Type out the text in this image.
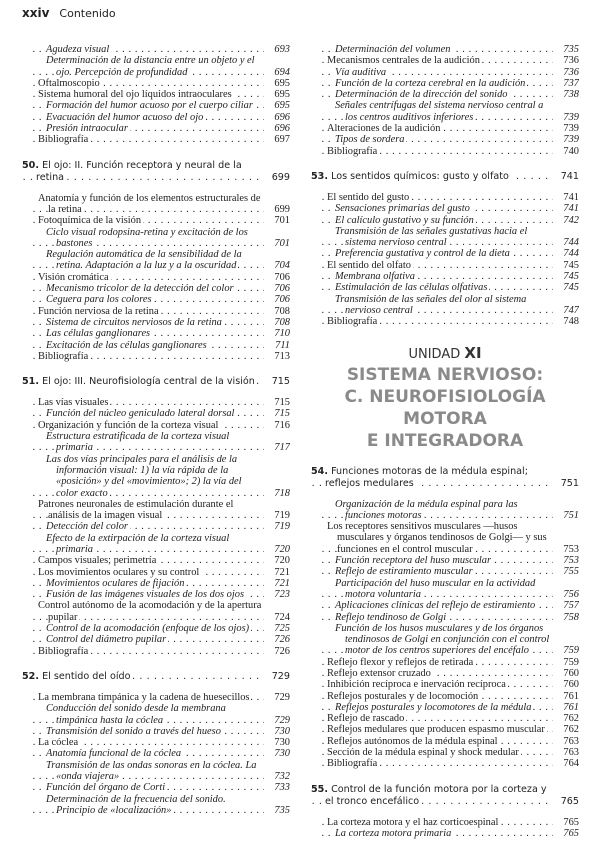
xxiv Contenido
. . . Agudeza visual	693
. . . Determinación de la distancia entre un objeto y el ojo. Percepción de profundidad	694
. . . Oftalmoscopio	695
. . . Sistema humoral del ojo líquidos intraoculares	695
. . . Formación del humor acuoso por el cuerpo ciliar 695
. . . Evacuación del humor acuoso del ojo	696
. . . Presión intraocular	696
. . . Bibliografía	697
. . . 50. El ojo: II. Función receptora y neural de la retina	699
. . . Anatomía y función de los elementos estructurales de la retina	699
. . . Fotoquímica de la visión	701
. . . Ciclo visual rodopsina-retina y excitación de los bastones	701
. . . Regulación automática de la sensibilidad de la retina. Adaptación a la luz y a la oscuridad	704
. . . Visión cromática	706
. . . Mecanismo tricolor de la detección del color	706
. . . Ceguera para los colores	706
. . . Función nerviosa de la retina	708
. . . Sistema de circuitos nerviosos de la retina	708
. . . Las células ganglionares	710
. . . Excitación de las células ganglionares	711
. . . Bibliografía	713
. . . 51. El ojo: III. Neurofisiología central de la visión 715
. . . Las vías visuales	715
. . . Función del núcleo geniculado lateral dorsal	715
. . . Organización y función de la corteza visual	716
. . . Estructura estratificada de la corteza visual primaria	717
. . . Las dos vías principales para el análisis de la información visual: 1) la vía rápida de la «posición» y del «movimiento»; 2) la vía del color exacto	718
. . . Patrones neuronales de estimulación durante el análisis de la imagen visual	719
. . . Detección del color	719
. . . Efecto de la extirpación de la corteza visual primaria	720
. . . Campos visuales; perimetría	720
. . . Los movimientos oculares y su control	721
. . . Movimientos oculares de fijación	721
. . . Fusión de las imágenes visuales de los dos ojos	723
. . . Control autónomo de la acomodación y de la apertura pupilar	724
. . . Control de la acomodación (enfoque de los ojos) 725
. . . Control del diámetro pupilar	726
. . . Bibliografía	726
. . . 52. El sentido del oído	729
. . . La membrana timpánica y la cadena de huesecillos 729
. . . Conducción del sonido desde la membrana timpánica hasta la cóclea	729
. . . Transmisión del sonido a través del hueso	730
. . . La cóclea	730
. . . Anatomía funcional de la cóclea	730
. . . Transmisión de las ondas sonoras en la cóclea. La «onda viajera»	732
. . . Función del órgano de Corti	733
. . . Determinación de la frecuencia del sonido. Principio de «localización»	735
. . . Determinación del volumen	735
. . . Mecanismos centrales de la audición	736
. . . Vía auditiva	736
. . . Función de la corteza cerebral en la audición	737
. . . Determinación de la dirección del sonido	738
. . . Señales centrífugas del sistema nervioso central a los centros auditivos inferiores	739
. . . Alteraciones de la audición	739
. . . Tipos de sordera	739
. . . Bibliografía	740
. . . 53. Los sentidos químicos: gusto y olfato	741
. . . El sentido del gusto	741
. . . Sensaciones primarias del gusto	741
. . . El calículo gustativo y su función	742
. . . Transmisión de las señales gustativas hacia el sistema nervioso central	744
. . . Preferencia gustativa y control de la dieta	744
. . . El sentido del olfato	745
. . . Membrana olfativa	745
. . . Estimulación de las células olfativas	745
. . . Transmisión de las señales del olor al sistema nervioso central	747
. . . Bibliografía	748
UNIDAD XI
SISTEMA NERVIOSO:
C. NEUROFISIOLOGÍA MOTORA
E INTEGRADORA
. . . 54. Funciones motoras de la médula espinal; reflejos medulares	751
. . . Organización de la médula espinal para las funciones motoras	751
. . . Los receptores sensitivos musculares —husos musculares y órganos tendinosos de Golgi— y sus funciones en el control muscular	753
. . . Función receptora del huso muscular	753
. . . Reflejo de estiramiento muscular	755
. . . Participación del huso muscular en la actividad motora voluntaria	756
. . . Aplicaciones clínicas del reflejo de estiramiento	757
. . . Reflejo tendinoso de Golgi	758
. . . Función de los husos musculares y de los órganos tendinosos de Golgi en conjunción con el control motor de los centros superiores del encéfalo	759
. . . Reflejo flexor y reflejos de retirada	759
. . . Reflejo extensor cruzado	760
. . . Inhibición recíproca e inervación recíproca	760
. . . Reflejos posturales y de locomoción	761
. . . Reflejos posturales y locomotores de la médula	761
. . . Reflejo de rascado	762
. . . Reflejos medulares que producen espasmo muscular 762
. . . Reflejos autónomos de la médula espinal	763
. . . Sección de la médula espinal y shock medular	763
. . . Bibliografía	764
. . . 55. Control de la función motora por la corteza y el tronco encefálico	765
. . . La corteza motora y el haz corticoespinal	765
. . . La corteza motora primaria	765
